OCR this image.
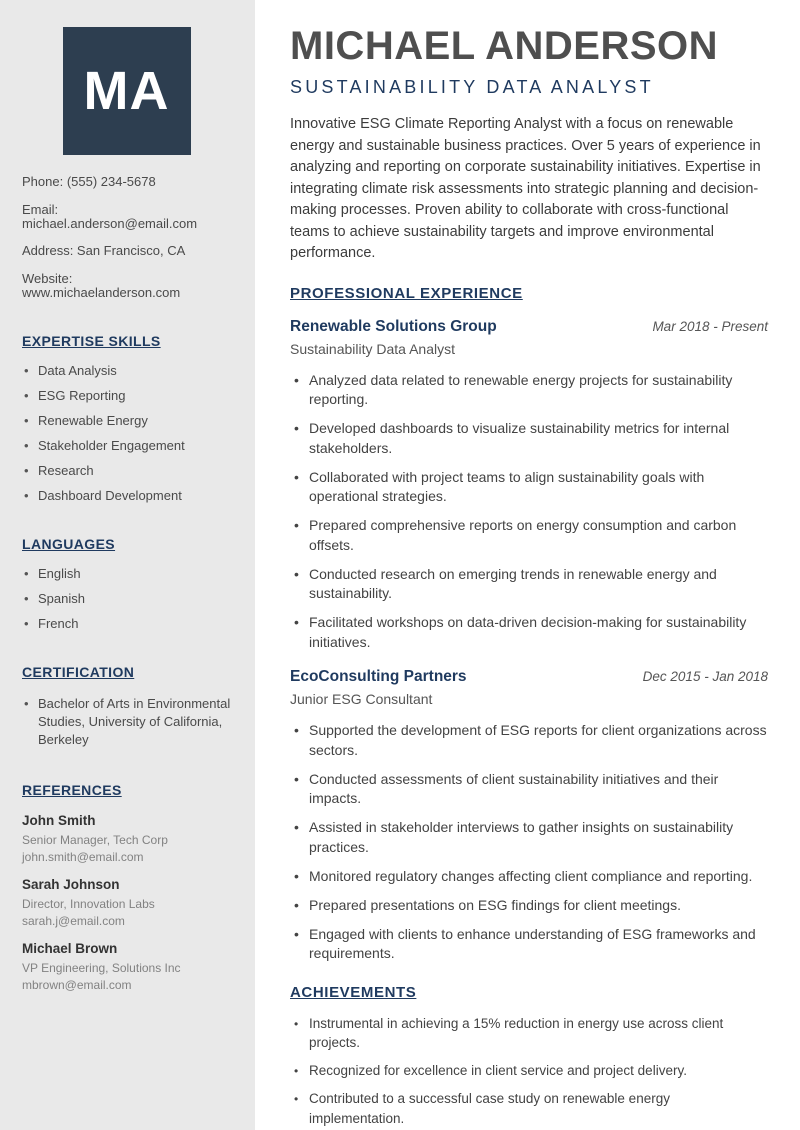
MA
Phone: (555) 234-5678
Email: michael.anderson@email.com
Address: San Francisco, CA
Website: www.michaelanderson.com
EXPERTISE SKILLS
• Data Analysis
• ESG Reporting
• Renewable Energy
• Stakeholder Engagement
• Research
• Dashboard Development
LANGUAGES
• English
• Spanish
• French
CERTIFICATION
• Bachelor of Arts in Environmental Studies, University of California, Berkeley
REFERENCES
John Smith
Senior Manager, Tech Corp
john.smith@email.com
Sarah Johnson
Director, Innovation Labs
sarah.j@email.com
Michael Brown
VP Engineering, Solutions Inc
mbrown@email.com
MICHAEL ANDERSON
SUSTAINABILITY DATA ANALYST
Innovative ESG Climate Reporting Analyst with a focus on renewable energy and sustainable business practices. Over 5 years of experience in analyzing and reporting on corporate sustainability initiatives. Expertise in integrating climate risk assessments into strategic planning and decision-making processes. Proven ability to collaborate with cross-functional teams to achieve sustainability targets and improve environmental performance.
PROFESSIONAL EXPERIENCE
Renewable Solutions Group	Mar 2018 - Present
Sustainability Data Analyst
• Analyzed data related to renewable energy projects for sustainability reporting.
• Developed dashboards to visualize sustainability metrics for internal stakeholders.
• Collaborated with project teams to align sustainability goals with operational strategies.
• Prepared comprehensive reports on energy consumption and carbon offsets.
• Conducted research on emerging trends in renewable energy and sustainability.
• Facilitated workshops on data-driven decision-making for sustainability initiatives.
EcoConsulting Partners	Dec 2015 - Jan 2018
Junior ESG Consultant
• Supported the development of ESG reports for client organizations across sectors.
• Conducted assessments of client sustainability initiatives and their impacts.
• Assisted in stakeholder interviews to gather insights on sustainability practices.
• Monitored regulatory changes affecting client compliance and reporting.
• Prepared presentations on ESG findings for client meetings.
• Engaged with clients to enhance understanding of ESG frameworks and requirements.
ACHIEVEMENTS
• Instrumental in achieving a 15% reduction in energy use across client projects.
• Recognized for excellence in client service and project delivery.
• Contributed to a successful case study on renewable energy implementation.
